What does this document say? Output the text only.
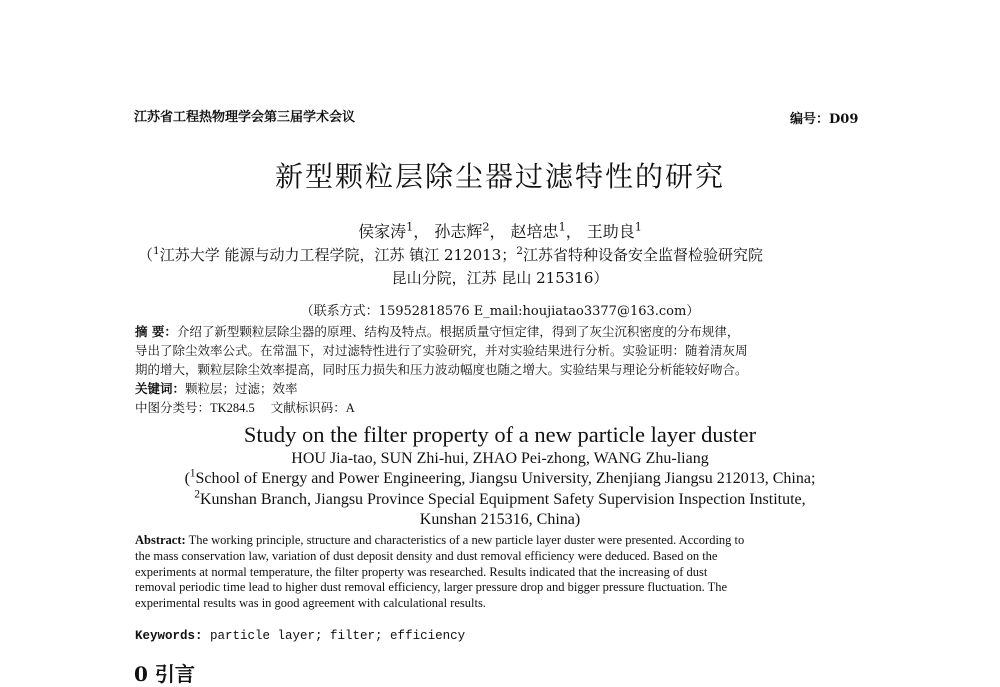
江苏省工程热物理学会第三届学术会议	编号：D09
新型颗粒层除尘器过滤特性的研究
侯家涛$^1$， 孙志辉$^2$， 赵培忠$^1$， 王助良$^1$
（$^1$江苏大学 能源与动力工程学院，江苏 镇江 212013；$^2$江苏省特种设备安全监督检验研究院
昆山分院，江苏 昆山 215316）
（联系方式：15952818576 E_mail:houjiatao3377@163.com）
摘 要：介绍了新型颗粒层除尘器的原理、结构及特点。根据质量守恒定律，得到了灰尘沉积密度的分布规律，
导出了除尘效率公式。在常温下，对过滤特性进行了实验研究，并对实验结果进行分析。实验证明：随着清灰周
期的增大，颗粒层除尘效率提高，同时压力损失和压力波动幅度也随之增大。实验结果与理论分析能较好吻合。
关键词：颗粒层；过滤；效率
中图分类号：TK284.5 文献标识码：A
Study on the filter property of a new particle layer duster
HOU Jia-tao, SUN Zhi-hui, ZHAO Pei-zhong, WANG Zhu-liang
($^1$School of Energy and Power Engineering, Jiangsu University, Zhenjiang Jiangsu 212013, China;
$^2$Kunshan Branch, Jiangsu Province Special Equipment Safety Supervision Inspection Institute,
Kunshan 215316, China)
Abstract: The working principle, structure and characteristics of a new particle layer duster were presented. According to
the mass conservation law, variation of dust deposit density and dust removal efficiency were deduced. Based on the
experiments at normal temperature, the filter property was researched. Results indicated that the increasing of dust
removal periodic time lead to higher dust removal efficiency, larger pressure drop and bigger pressure fluctuation. The
experimental results was in good agreement with calculational results.
Keywords: particle layer; filter; efficiency
0 引言
